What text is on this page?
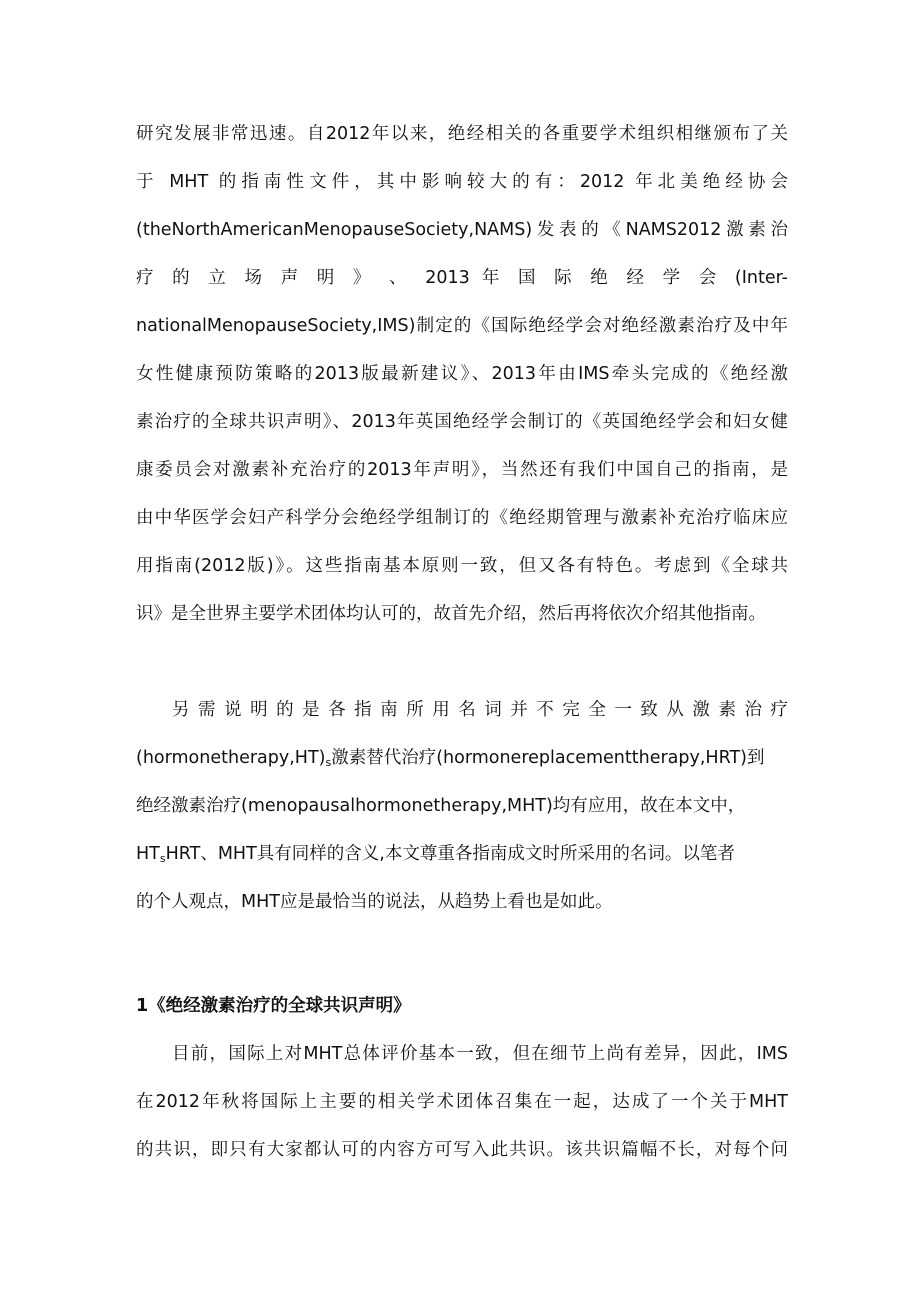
研究发展非常迅速。自2012年以来，绝经相关的各重要学术组织相继颁布了关
于 MHT 的指南性文件，其中影响较大的有：2012 年北美绝经协会
(theNorthAmericanMenopauseSociety,NAMS)发表的《NAMS2012激素治
疗 的 立 场 声 明 》 、 2013 年 国 际 绝 经 学 会 (Inter-
nationalMenopauseSociety,IMS)制定的《国际绝经学会对绝经激素治疗及中年
女性健康预防策略的2013版最新建议》、2013年由IMS牵头完成的《绝经激
素治疗的全球共识声明》、2013年英国绝经学会制订的《英国绝经学会和妇女健
康委员会对激素补充治疗的2013年声明》，当然还有我们中国自己的指南，是
由中华医学会妇产科学分会绝经学组制订的《绝经期管理与激素补充治疗临床应
用指南(2012版)》。这些指南基本原则一致，但又各有特色。考虑到《全球共
识》是全世界主要学术团体均认可的，故首先介绍，然后再将依次介绍其他指南。
另需说明的是各指南所用名词并不完全一致从激素治疗
$(hormonetherapy,HT)_s$激素替代治疗(hormonereplacementtherapy,HRT)到
绝经激素治疗(menopausalhormonetherapy,MHT)均有应用，故在本文中，
$HT_sHRT$、MHT具有同样的含义,本文尊重各指南成文时所采用的名词。以笔者
的个人观点，MHT应是最恰当的说法，从趋势上看也是如此。
1《绝经激素治疗的全球共识声明》
目前，国际上对MHT总体评价基本一致，但在细节上尚有差异，因此，IMS
在2012年秋将国际上主要的相关学术团体召集在一起，达成了一个关于MHT
的共识，即只有大家都认可的内容方可写入此共识。该共识篇幅不长，对每个问
